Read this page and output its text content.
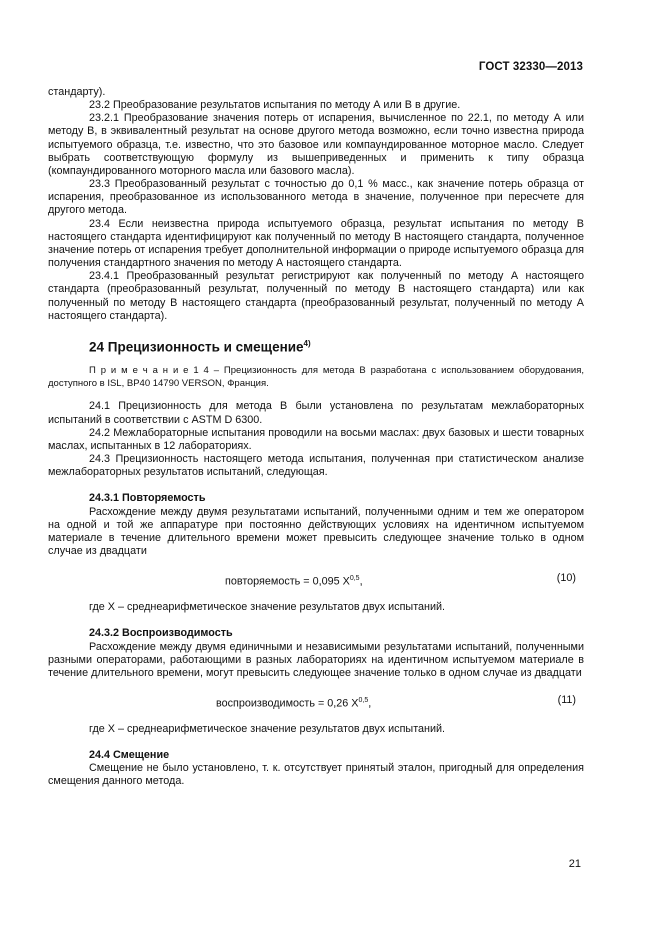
ГОСТ 32330—2013

стандарту).

23.2 Преобразование результатов испытания по методу А или В в другие.

23.2.1 Преобразование значения потерь от испарения, вычисленное по 22.1, по методу А или методу В, в эквивалентный результат на основе другого метода возможно, если точно известна природа испытуемого образца, т.е. известно, что это базовое или компаундированное моторное масло. Следует выбрать соответствующую формулу из вышеприведенных и применить к типу образца (компаундированного моторного масла или базового масла).

23.3 Преобразованный результат с точностью до 0,1 % масс., как значение потерь образца от испарения, преобразованное из использованного метода в значение, полученное при пересчете для другого метода.

23.4 Если неизвестна природа испытуемого образца, результат испытания по методу В настоящего стандарта идентифицируют как полученный по методу В настоящего стандарта, полученное значение потерь от испарения требует дополнительной информации о природе испытуемого образца для получения стандартного значения по методу А настоящего стандарта.

23.4.1 Преобразованный результат регистрируют как полученный по методу А настоящего стандарта (преобразованный результат, полученный по методу В настоящего стандарта) или как полученный по методу В настоящего стандарта (преобразованный результат, полученный по методу А настоящего стандарта).

24 Прецизионность и смещение$^{4)}$

П р и м е ч а н и е 1 4 – Прецизионность для метода В разработана с использованием оборудования, доступного в ISL, BP40 14790 VERSON, Франция.

24.1 Прецизионность для метода В были установлена по результатам межлабораторных испытаний в соответствии с ASTM D 6300.

24.2 Межлабораторные испытания проводили на восьми маслах: двух базовых и шести товарных маслах, испытанных в 12 лабораториях.

24.3 Прецизионность настоящего метода испытания, полученная при статистическом анализе межлабораторных результатов испытаний, следующая.

24.3.1 Повторяемость

Расхождение между двумя результатами испытаний, полученными одним и тем же оператором на одной и той же аппаратуре при постоянно действующих условиях на идентичном испытуемом материале в течение длительного времени может превысить следующее значение только в одном случае из двадцати

повторяемость = 0,095 X$^{0,5}$,	(10)

где X – среднеарифметическое значение результатов двух испытаний.

24.3.2 Воспроизводимость

Расхождение между двумя единичными и независимыми результатами испытаний, полученными разными операторами, работающими в разных лабораториях на идентичном испытуемом материале в течение длительного времени, могут превысить следующее значение только в одном случае из двадцати

воспроизводимость = 0,26 X$^{0,5}$,	(11)

где X – среднеарифметическое значение результатов двух испытаний.

24.4 Смещение

Смещение не было установлено, т. к. отсутствует принятый эталон, пригодный для определения смещения данного метода.

21
